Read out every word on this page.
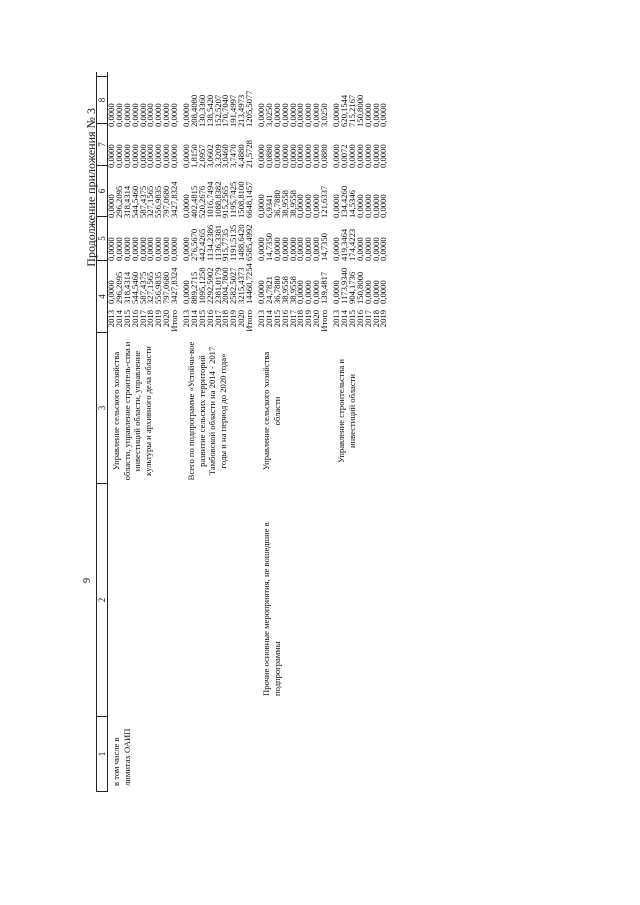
Продолжение приложения № 3
1
2
9
3
4
5
6
7
8
в том числе в лимитах ОАИП
Управление сельского хозяйства области, управление строитель-ства и инвестиций области, управление культуры и архивного дела области
2013
2014
2015
2016
2017
2018
2019
2020
Итого
0,0000
296,2095
318,4314
544,5460
587,4375
327,1565
556,9835
797,0680
3427,8324
0,0000
0,0000
0,0000
0,0000
0,0000
0,0000
0,0000
0,0000
0,0000
0,0000
296,2095
318,4314
544,5460
587,4375
327,1565
556,9835
797,0680
3427,8324
0,0000
0,0000
0,0000
0,0000
0,0000
0,0000
0,0000
0,0000
0,0000
0,0000
0,0000
0,0000
0,0000
0,0000
0,0000
0,0000
0,0000
0,0000
Всего по подпрограмме «Устойчи-вое развитие сельских территорий Тамбовской области на 2014 - 2017 годы и на период до 2020 года»
2013
2014
2015
2016
2017
2018
2019
2020
Итого
0,0000
889,2715
1095,1258
2292,5902
2381,0179
2004,7800
2582,5027
3215,4373
14460,7254
0,0000
276,5670
442,4265
1134,2386
1136,3381
915,7735
1191,5135
1488,6420
6585,4992
0,0000
402,4815
520,2676
1016,7494
1088,8382
915,2565
1195,7425
1508,8100
6648,1457
0,0000
1,8150
2,0957
3,0602
3,3209
3,0460
3,7470
4,4880
21,5728
0,0000
208,4080
130,3360
138,5420
152,5207
170,7040
191,4997
213,4973
1205,5077
Прочие основные мероприятия, не вошедшие в подпрограммы
Управление сельского хозяйства области
2013
2014
2015
2016
2017
2018
2019
2020
Итого
0,0000
24,7821
36,7880
38,9558
38,9558
0,0000
0,0000
0,0000
139,4817
0,0000
14,7350
0,0000
0,0000
0,0000
0,0000
0,0000
0,0000
14,7350
0,0000
6,9341
36,7880
38,9558
38,9558
0,0000
0,0000
0,0000
121,6337
0,0000
0,0880
0,0000
0,0000
0,0000
0,0000
0,0000
0,0000
0,0880
0,0000
3,0250
0,0000
0,0000
0,0000
0,0000
0,0000
0,0000
3,0250
Управление строительства и инвестиций области
2013
2014
2015
2016
2017
2018
2019
0,0000
1173,9340
904,1736
150,8000
0,0000
0,0000
0,0000
0,0000
419,3464
174,4223
0,0000
0,0000
0,0000
0,0000
0,0000
134,4260
14,5346
0,0000
0,0000
0,0000
0,0000
0,0000
0,0072
0,0000
0,0000
0,0000
0,0000
0,0000
0,0000
620,1544
715,2167
150,8000
0,0000
0,0000
0,0000
